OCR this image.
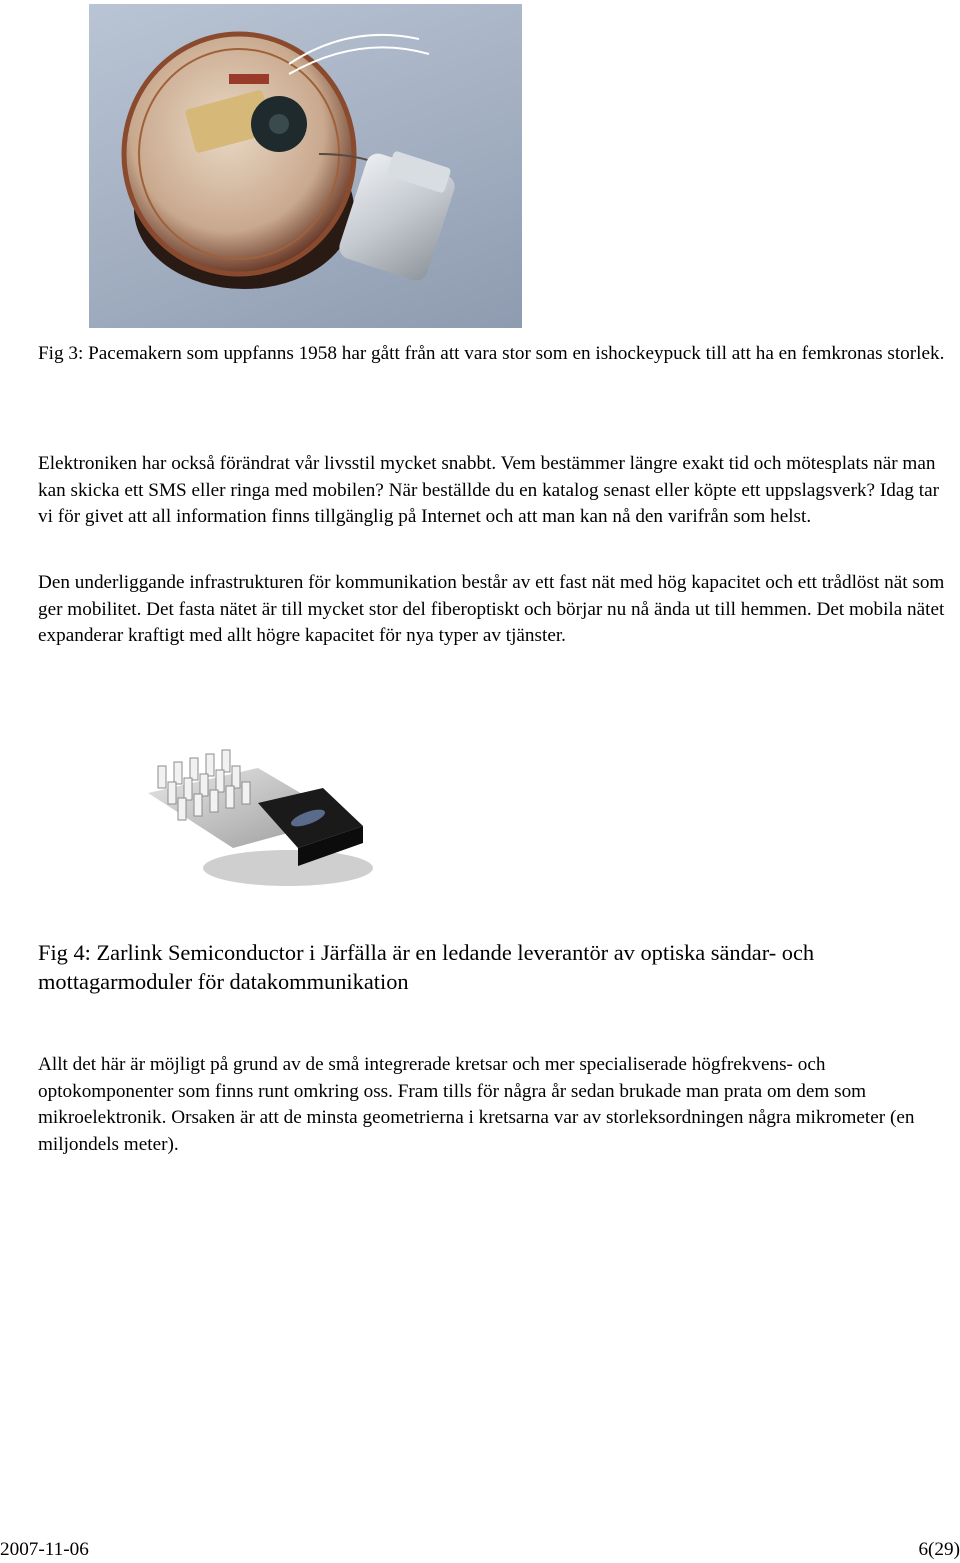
Fig 3: Pacemakern som uppfanns 1958 har gått från att vara stor som en ishockeypuck till att ha en femkronas storlek.

Elektroniken har också förändrat vår livsstil mycket snabbt. Vem bestämmer längre exakt tid och mötesplats när man kan skicka ett SMS eller ringa med mobilen? När beställde du en katalog senast eller köpte ett uppslagsverk? Idag tar vi för givet att all information finns tillgänglig på Internet och att man kan nå den varifrån som helst.

Den underliggande infrastrukturen för kommunikation består av ett fast nät med hög kapacitet och ett trådlöst nät som ger mobilitet. Det fasta nätet är till mycket stor del fiberoptiskt och börjar nu nå ända ut till hemmen. Det mobila nätet expanderar kraftigt med allt högre kapacitet för nya typer av tjänster.

Fig 4: Zarlink Semiconductor i Järfälla är en ledande leverantör av optiska sändar- och mottagarmoduler för datakommunikation

Allt det här är möjligt på grund av de små integrerade kretsar och mer specialiserade högfrekvens- och optokomponenter som finns runt omkring oss. Fram tills för några år sedan brukade man prata om dem som mikroelektronik. Orsaken är att de minsta geometrierna i kretsarna var av storleksordningen några mikrometer (en miljondels meter).

2007-11-06	6(29)
